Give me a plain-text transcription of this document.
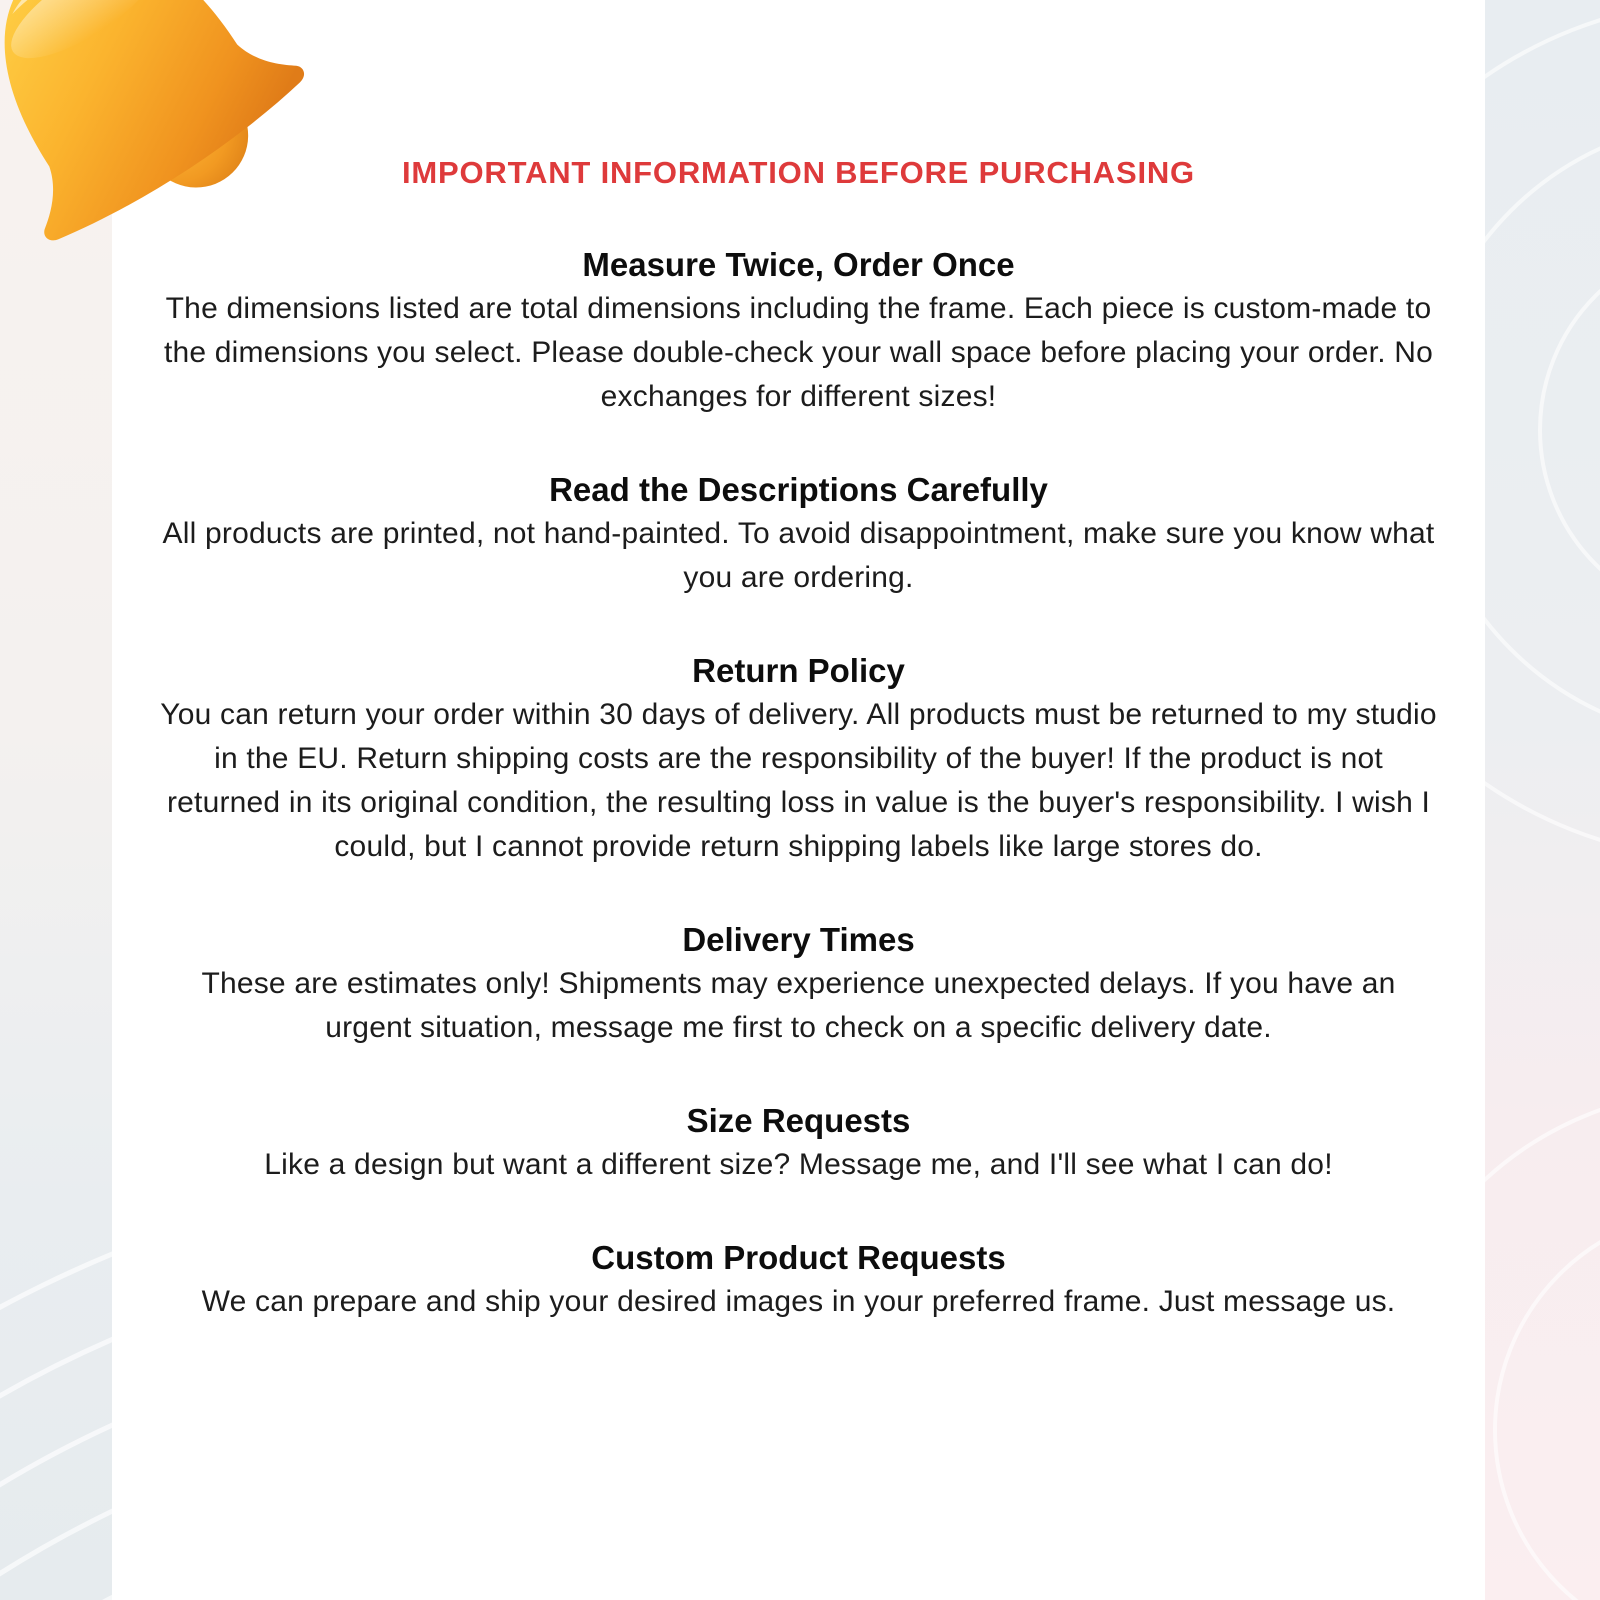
IMPORTANT INFORMATION BEFORE PURCHASING
Measure Twice, Order Once
The dimensions listed are total dimensions including the frame. Each piece is custom-made to the dimensions you select. Please double-check your wall space before placing your order. No exchanges for different sizes!
Read the Descriptions Carefully
All products are printed, not hand-painted. To avoid disappointment, make sure you know what you are ordering.
Return Policy
You can return your order within 30 days of delivery. All products must be returned to my studio in the EU. Return shipping costs are the responsibility of the buyer! If the product is not returned in its original condition, the resulting loss in value is the buyer's responsibility. I wish I could, but I cannot provide return shipping labels like large stores do.
Delivery Times
These are estimates only! Shipments may experience unexpected delays. If you have an urgent situation, message me first to check on a specific delivery date.
Size Requests
Like a design but want a different size? Message me, and I'll see what I can do!
Custom Product Requests
We can prepare and ship your desired images in your preferred frame. Just message us.
